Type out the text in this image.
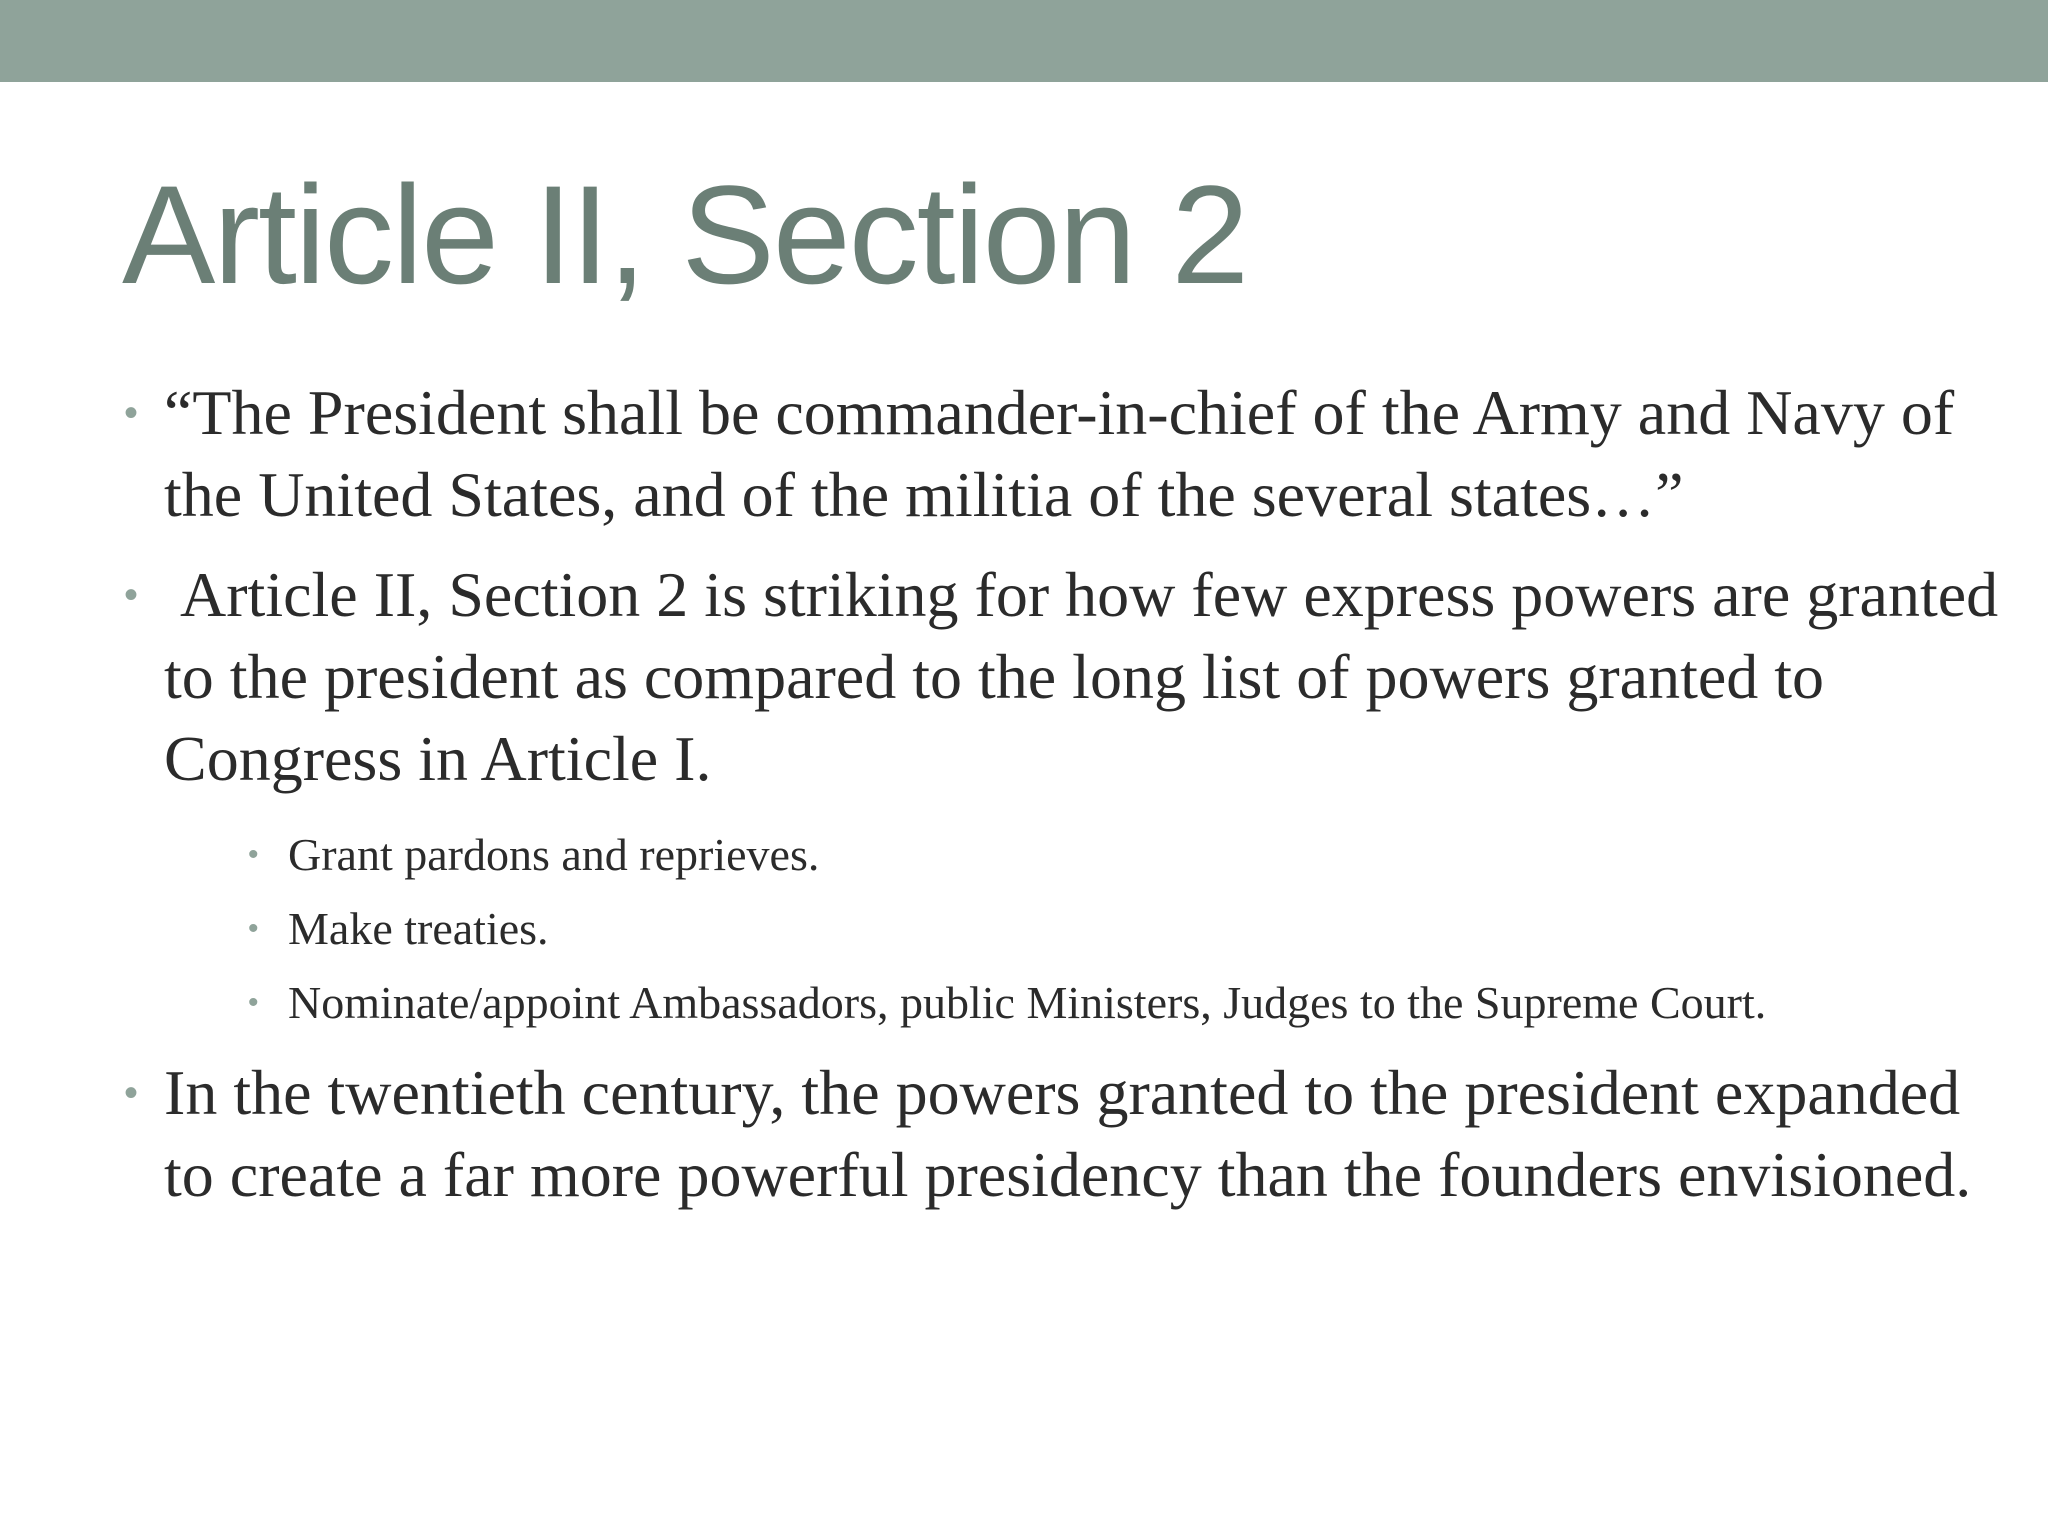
Article II, Section 2
• “The President shall be commander-in-chief of the Army and Navy of the United States, and of the militia of the several states…”
• Article II, Section 2 is striking for how few express powers are granted to the president as compared to the long list of powers granted to Congress in Article I.
• Grant pardons and reprieves.
• Make treaties.
• Nominate/appoint Ambassadors, public Ministers, Judges to the Supreme Court.
• In the twentieth century, the powers granted to the president expanded to create a far more powerful presidency than the founders envisioned.
